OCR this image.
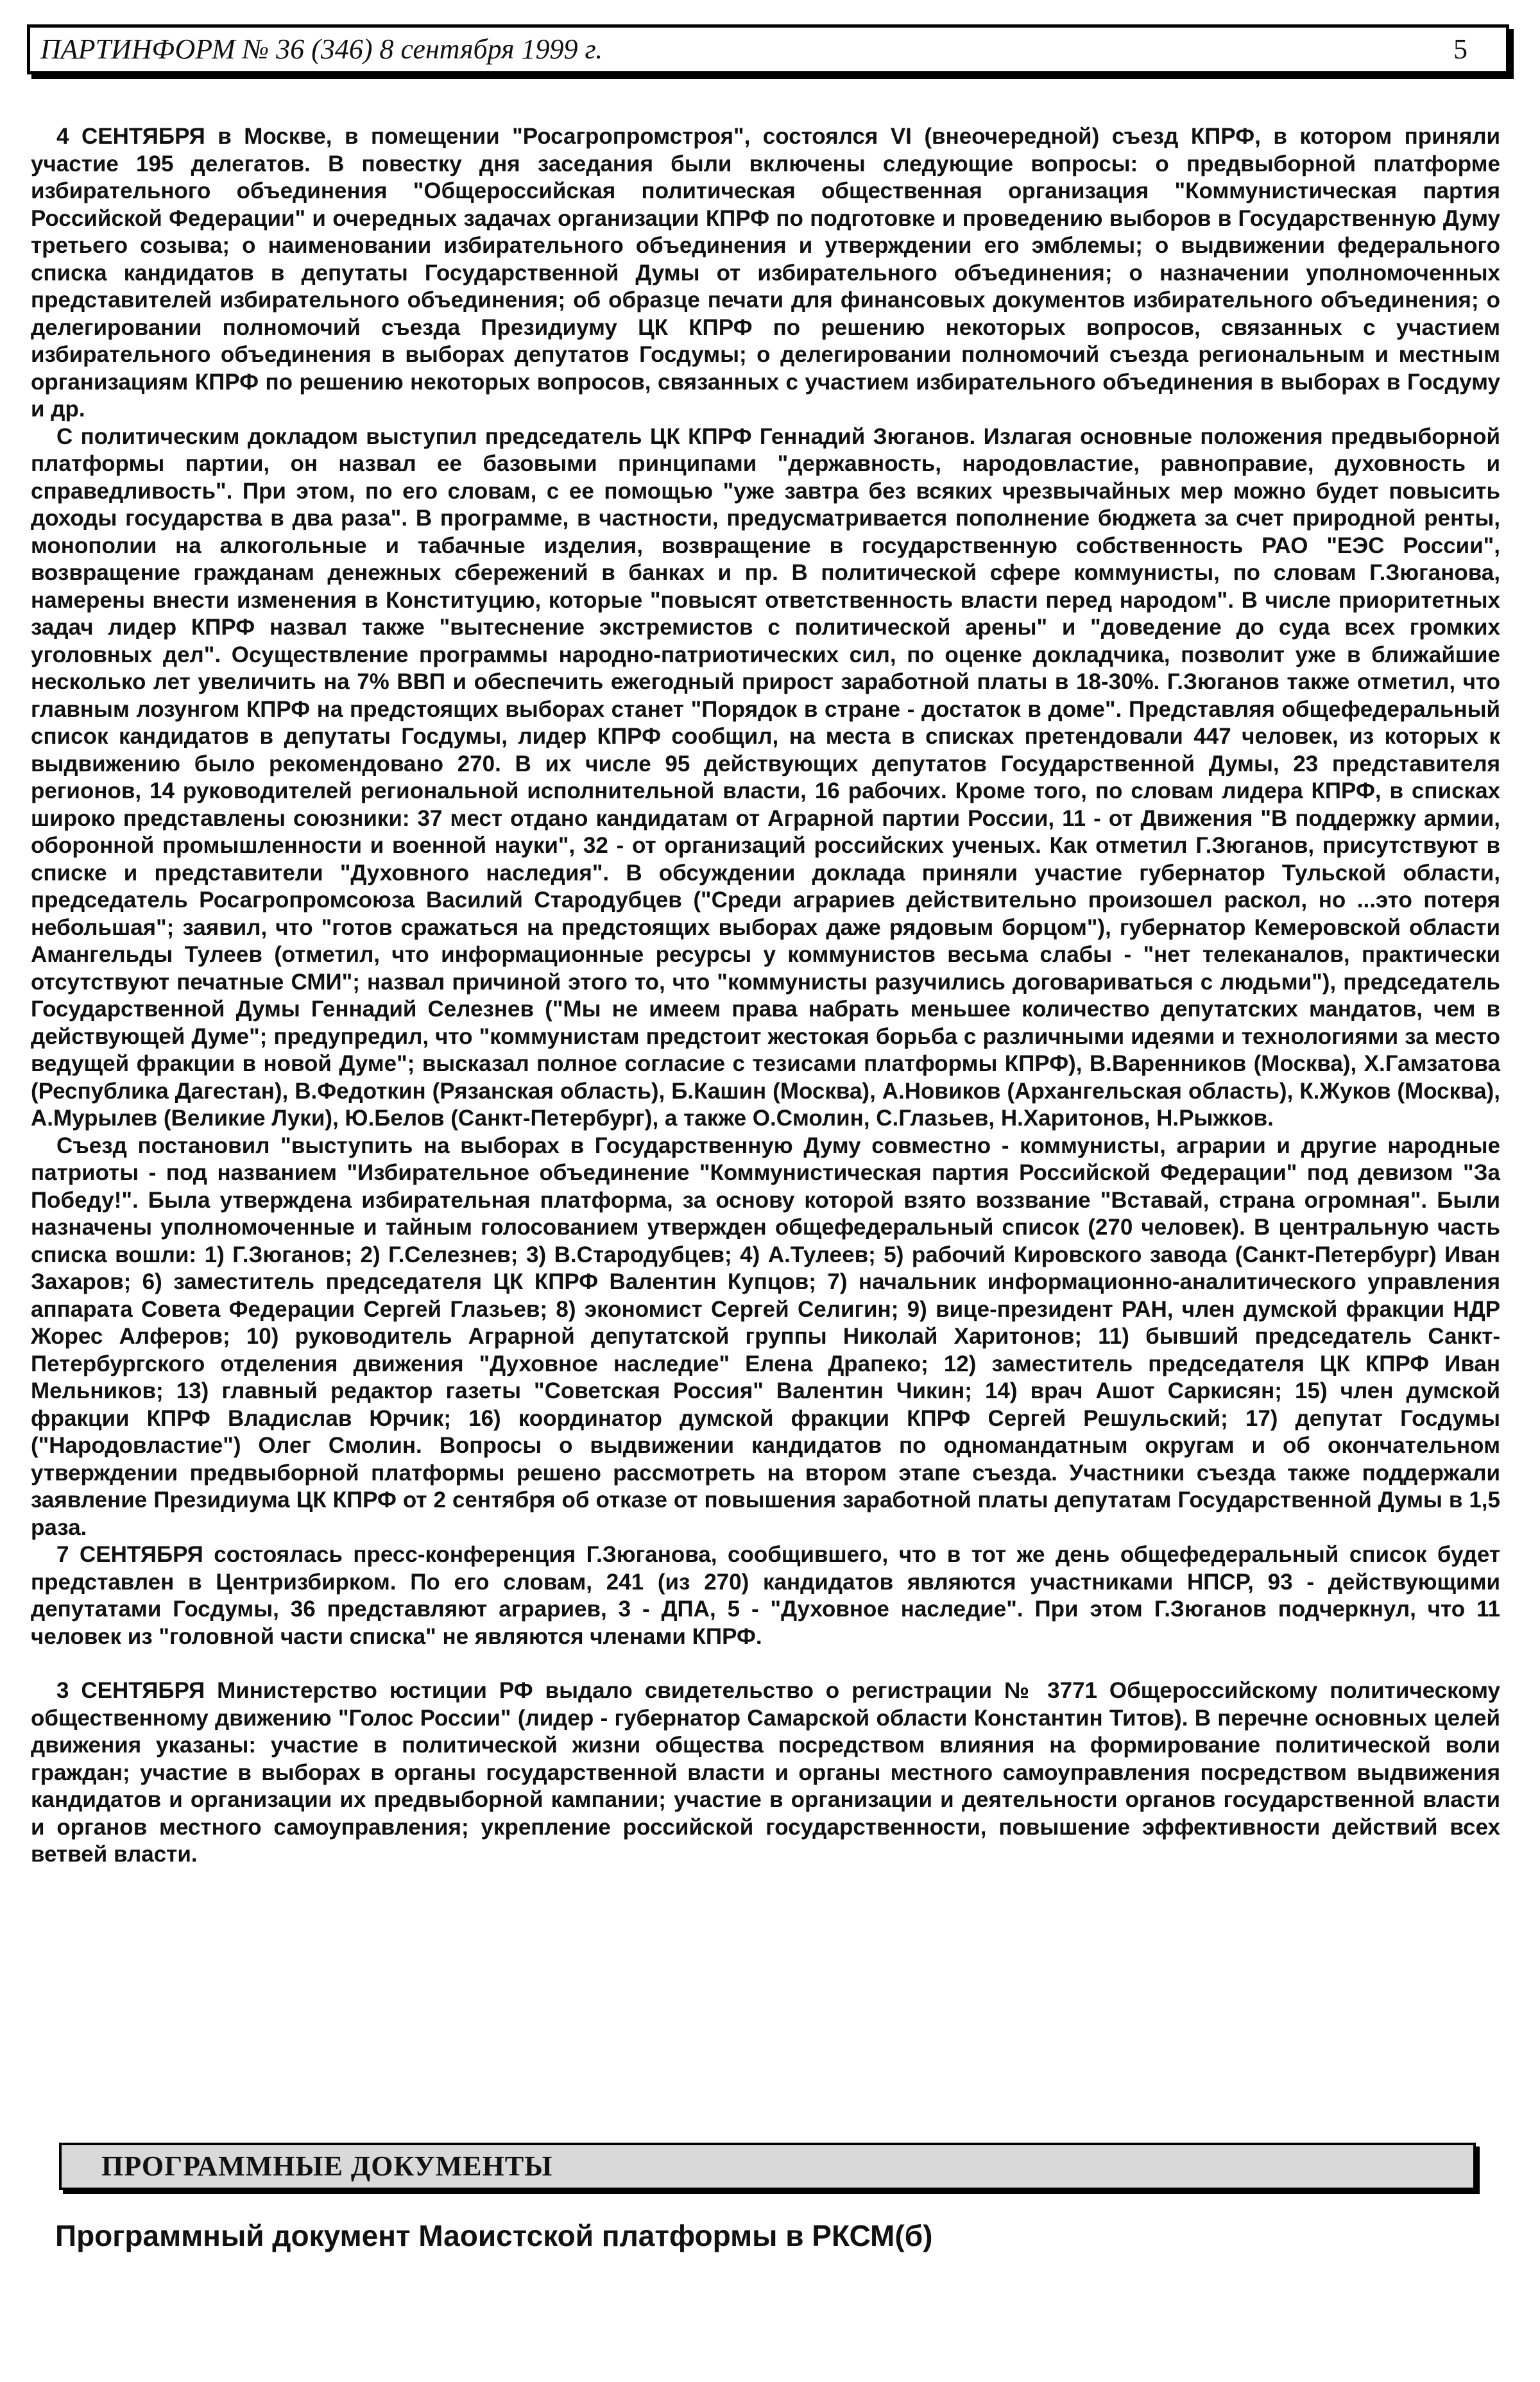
ПАРТИНФОРМ № 36 (346) 8 сентября 1999 г.	5

4 СЕНТЯБРЯ в Москве, в помещении "Росагропромстроя", состоялся VI (внеочередной) съезд КПРФ, в котором приняли участие 195 делегатов. В повестку дня заседания были включены следующие вопросы: о предвыборной платформе избирательного объединения "Общероссийская политическая общественная организация "Коммунистическая партия Российской Федерации" и очередных задачах организации КПРФ по подготовке и проведению выборов в Государственную Думу третьего созыва; о наименовании избирательного объединения и утверждении его эмблемы; о выдвижении федерального списка кандидатов в депутаты Государственной Думы от избирательного объединения; о назначении уполномоченных представителей избирательного объединения; об образце печати для финансовых документов избирательного объединения; о делегировании полномочий съезда Президиуму ЦК КПРФ по решению некоторых вопросов, связанных с участием избирательного объединения в выборах депутатов Госдумы; о делегировании полномочий съезда региональным и местным организациям КПРФ по решению некоторых вопросов, связанных с участием избирательного объединения в выборах в Госдуму и др.

С политическим докладом выступил председатель ЦК КПРФ Геннадий Зюганов. Излагая основные положения предвыборной платформы партии, он назвал ее базовыми принципами "державность, народовластие, равноправие, духовность и справедливость". При этом, по его словам, с ее помощью "уже завтра без всяких чрезвычайных мер можно будет повысить доходы государства в два раза". В программе, в частности, предусматривается пополнение бюджета за счет природной ренты, монополии на алкогольные и табачные изделия, возвращение в государственную собственность РАО "ЕЭС России", возвращение гражданам денежных сбережений в банках и пр. В политической сфере коммунисты, по словам Г.Зюганова, намерены внести изменения в Конституцию, которые "повысят ответственность власти перед народом". В числе приоритетных задач лидер КПРФ назвал также "вытеснение экстремистов с политической арены" и "доведение до суда всех громких уголовных дел". Осуществление программы народно-патриотических сил, по оценке докладчика, позволит уже в ближайшие несколько лет увеличить на 7% ВВП и обеспечить ежегодный прирост заработной платы в 18-30%. Г.Зюганов также отметил, что главным лозунгом КПРФ на предстоящих выборах станет "Порядок в стране - достаток в доме". Представляя общефедеральный список кандидатов в депутаты Госдумы, лидер КПРФ сообщил, на места в списках претендовали 447 человек, из которых к выдвижению было рекомендовано 270. В их числе 95 действующих депутатов Государственной Думы, 23 представителя регионов, 14 руководителей региональной исполнительной власти, 16 рабочих. Кроме того, по словам лидера КПРФ, в списках широко представлены союзники: 37 мест отдано кандидатам от Аграрной партии России, 11 - от Движения "В поддержку армии, оборонной промышленности и военной науки", 32 - от организаций российских ученых. Как отметил Г.Зюганов, присутствуют в списке и представители "Духовного наследия". В обсуждении доклада приняли участие губернатор Тульской области, председатель Росагропромсоюза Василий Стародубцев ("Среди аграриев действительно произошел раскол, но ...это потеря небольшая"; заявил, что "готов сражаться на предстоящих выборах даже рядовым борцом"), губернатор Кемеровской области Амангельды Тулеев (отметил, что информационные ресурсы у коммунистов весьма слабы - "нет телеканалов, практически отсутствуют печатные СМИ"; назвал причиной этого то, что "коммунисты разучились договариваться с людьми"), председатель Государственной Думы Геннадий Селезнев ("Мы не имеем права набрать меньшее количество депутатских мандатов, чем в действующей Думе"; предупредил, что "коммунистам предстоит жестокая борьба с различными идеями и технологиями за место ведущей фракции в новой Думе"; высказал полное согласие с тезисами платформы КПРФ), В.Варенников (Москва), Х.Гамзатова (Республика Дагестан), В.Федоткин (Рязанская область), Б.Кашин (Москва), А.Новиков (Архангельская область), К.Жуков (Москва), А.Мурылев (Великие Луки), Ю.Белов (Санкт-Петербург), а также О.Смолин, С.Глазьев, Н.Харитонов, Н.Рыжков.

Съезд постановил "выступить на выборах в Государственную Думу совместно - коммунисты, аграрии и другие народные патриоты - под названием "Избирательное объединение "Коммунистическая партия Российской Федерации" под девизом "За Победу!". Была утверждена избирательная платформа, за основу которой взято воззвание "Вставай, страна огромная". Были назначены уполномоченные и тайным голосованием утвержден общефедеральный список (270 человек). В центральную часть списка вошли: 1) Г.Зюганов; 2) Г.Селезнев; 3) В.Стародубцев; 4) А.Тулеев; 5) рабочий Кировского завода (Санкт-Петербург) Иван Захаров; 6) заместитель председателя ЦК КПРФ Валентин Купцов; 7) начальник информационно-аналитического управления аппарата Совета Федерации Сергей Глазьев; 8) экономист Сергей Селигин; 9) вице-президент РАН, член думской фракции НДР Жорес Алферов; 10) руководитель Аграрной депутатской группы Николай Харитонов; 11) бывший председатель Санкт-Петербургского отделения движения "Духовное наследие" Елена Драпеко; 12) заместитель председателя ЦК КПРФ Иван Мельников; 13) главный редактор газеты "Советская Россия" Валентин Чикин; 14) врач Ашот Саркисян; 15) член думской фракции КПРФ Владислав Юрчик; 16) координатор думской фракции КПРФ Сергей Решульский; 17) депутат Госдумы ("Народовластие") Олег Смолин. Вопросы о выдвижении кандидатов по одномандатным округам и об окончательном утверждении предвыборной платформы решено рассмотреть на втором этапе съезда. Участники съезда также поддержали заявление Президиума ЦК КПРФ от 2 сентября об отказе от повышения заработной платы депутатам Государственной Думы в 1,5 раза.

7 СЕНТЯБРЯ состоялась пресс-конференция Г.Зюганова, сообщившего, что в тот же день общефедеральный список будет представлен в Центризбирком. По его словам, 241 (из 270) кандидатов являются участниками НПСР, 93 - действующими депутатами Госдумы, 36 представляют аграриев, 3 - ДПА, 5 - "Духовное наследие". При этом Г.Зюганов подчеркнул, что 11 человек из "головной части списка" не являются членами КПРФ.

3 СЕНТЯБРЯ Министерство юстиции РФ выдало свидетельство о регистрации № 3771 Общероссийскому политическому общественному движению "Голос России" (лидер - губернатор Самарской области Константин Титов). В перечне основных целей движения указаны: участие в политической жизни общества посредством влияния на формирование политической воли граждан; участие в выборах в органы государственной власти и органы местного самоуправления посредством выдвижения кандидатов и организации их предвыборной кампании; участие в организации и деятельности органов государственной власти и органов местного самоуправления; укрепление российской государственности, повышение эффективности действий всех ветвей власти.

ПРОГРАММНЫЕ ДОКУМЕНТЫ
Программный документ Маоистской платформы в РКСМ(б)
